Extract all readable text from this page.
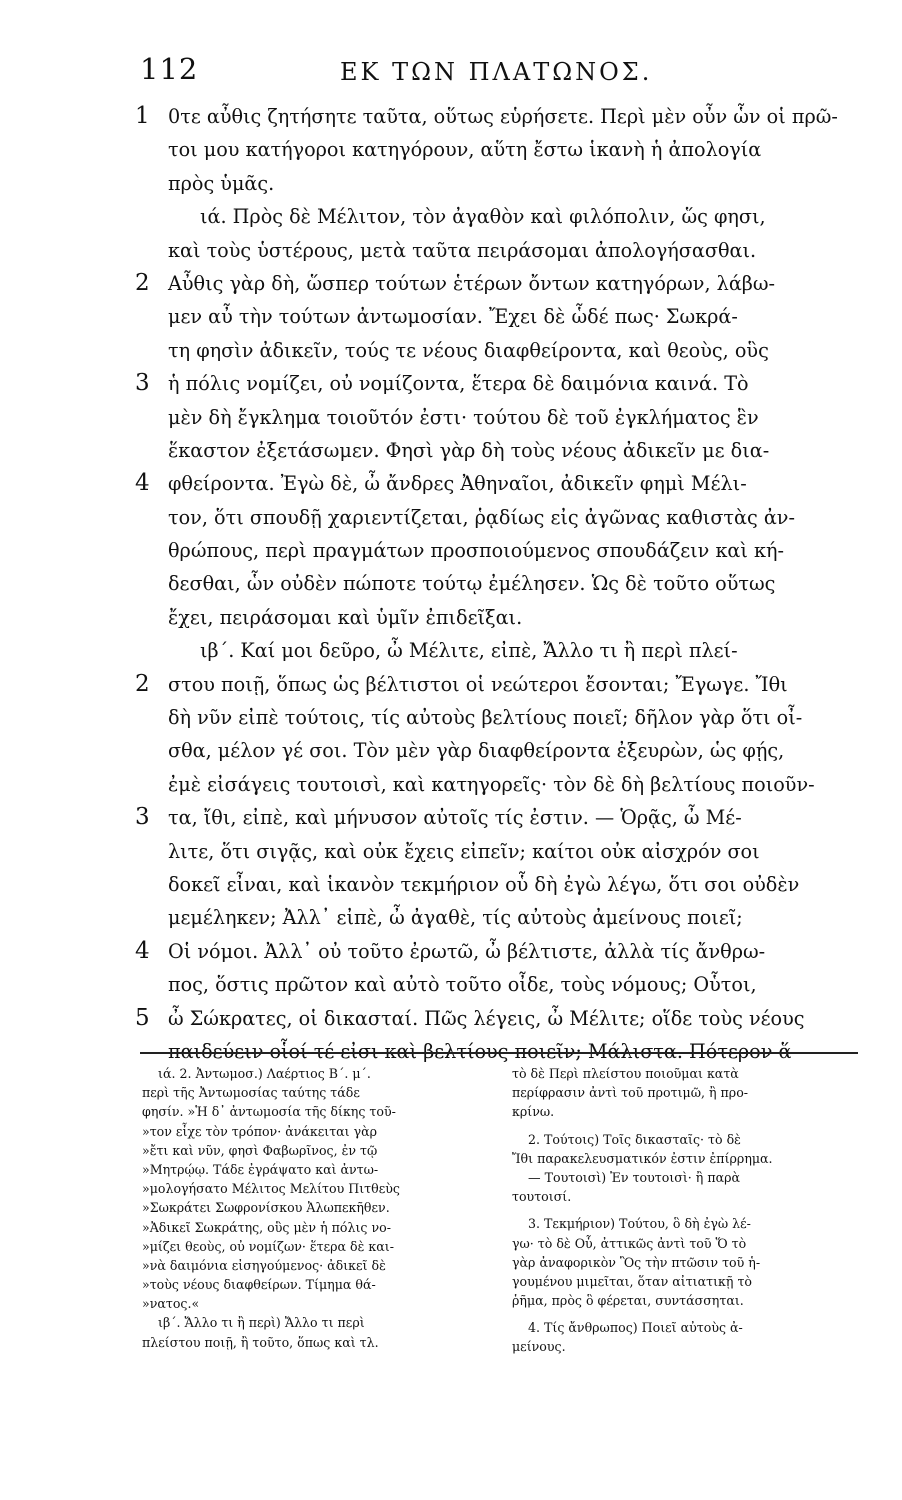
112	ΕΚ ΤΩΝ ΠΛΑΤΩΝΟΣ.
1 0τε αὖθις ζητήσητε ταῦτα, οὕτως εὑρήσετε. Περὶ μὲν οὖν ὧν οἱ πρῶ-
τοι μου κατήγοροι κατηγόρουν, αὕτη ἔστω ἱκανὴ ἡ ἀπολογία
πρὸς ὑμᾶς.
ιά. Πρὸς δὲ Μέλιτον, τὸν ἀγαθὸν καὶ φιλόπολιν, ὥς φησι,
καὶ τοὺς ὑστέρους, μετὰ ταῦτα πειράσομαι ἀπολογήσασθαι.
2 Αὖθις γὰρ δὴ, ὥσπερ τούτων ἑτέρων ὄντων κατηγόρων, λάβω-
μεν αὖ τὴν τούτων ἀντωμοσίαν. Ἔχει δὲ ὧδέ πως· Σωκρά-
τη φησὶν ἀδικεῖν, τούς τε νέους διαφθείροντα, καὶ θεοὺς, οὓς
3 ἡ πόλις νομίζει, οὐ νομίζοντα, ἕτερα δὲ δαιμόνια καινά. Τὸ
μὲν δὴ ἔγκλημα τοιοῦτόν ἐστι· τούτου δὲ τοῦ ἐγκλήματος ἓν
ἕκαστον ἐξετάσωμεν. Φησὶ γὰρ δὴ τοὺς νέους ἀδικεῖν με δια-
4 φθείροντα. Ἐγὼ δὲ, ὦ ἄνδρες Ἀθηναῖοι, ἀδικεῖν φημὶ Μέλι-
τον, ὅτι σπουδῇ χαριεντίζεται, ῥᾳδίως εἰς ἀγῶνας καθιστὰς ἀν-
θρώπους, περὶ πραγμάτων προσποιούμενος σπουδάζειν καὶ κή-
δεσθαι, ὧν οὐδὲν πώποτε τούτῳ ἐμέλησεν. Ὡς δὲ τοῦτο οὕτως
ἔχει, πειράσομαι καὶ ὑμῖν ἐπιδεῖξαι.
ιβ΄. Καί μοι δεῦρο, ὦ Μέλιτε, εἰπὲ, Ἄλλο τι ἢ περὶ πλεί-
2 στου ποιῇ, ὅπως ὡς βέλτιστοι οἱ νεώτεροι ἔσονται; Ἔγωγε. Ἴθι
δὴ νῦν εἰπὲ τούτοις, τίς αὐτοὺς βελτίους ποιεῖ; δῆλον γὰρ ὅτι οἶ-
σθα, μέλον γέ σοι. Τὸν μὲν γὰρ διαφθείροντα ἐξευρὼν, ὡς φῄς,
ἐμὲ εἰσάγεις τουτοισὶ, καὶ κατηγορεῖς· τὸν δὲ δὴ βελτίους ποιοῦν-
3 τα, ἴθι, εἰπὲ, καὶ μήνυσον αὐτοῖς τίς ἐστιν. — Ὁρᾷς, ὦ Μέ-
λιτε, ὅτι σιγᾷς, καὶ οὐκ ἔχεις εἰπεῖν; καίτοι οὐκ αἰσχρόν σοι
δοκεῖ εἶναι, καὶ ἱκανὸν τεκμήριον οὗ δὴ ἐγὼ λέγω, ὅτι σοι οὐδὲν
μεμέληκεν; Ἀλλ᾽ εἰπὲ, ὦ ἀγαθὲ, τίς αὐτοὺς ἀμείνους ποιεῖ;
4 Οἱ νόμοι. Ἀλλ᾽ οὐ τοῦτο ἐρωτῶ, ὦ βέλτιστε, ἀλλὰ τίς ἄνθρω-
πος, ὅστις πρῶτον καὶ αὐτὸ τοῦτο οἶδε, τοὺς νόμους; Οὗτοι,
5 ὦ Σώκρατες, οἱ δικασταί. Πῶς λέγεις, ὦ Μέλιτε; οἵδε τοὺς νέους
παιδεύειν οἷοί τέ εἰσι καὶ βελτίους ποιεῖν; Μάλιστα. Πότερον ἅ-
ιά. 2. Ἀντωμοσ.) Λαέρτιος Β΄. μ΄.
περὶ τῆς Ἀντωμοσίας ταύτης τάδε
φησίν. »Ἡ δ᾽ ἀντωμοσία τῆς δίκης τοῦ-
»τον εἶχε τὸν τρόπον· ἀνάκειται γὰρ
»ἔτι καὶ νῦν, φησὶ Φαβωρῖνος, ἐν τῷ
»Μητρῴῳ. Τάδε ἐγράψατο καὶ ἀντω-
»μολογήσατο Μέλιτος Μελίτου Πιτθεὺς
»Σωκράτει Σωφρονίσκου Ἀλωπεκῆθεν.
»Ἀδικεῖ Σωκράτης, οὓς μὲν ἡ πόλις νο-
»μίζει θεοὺς, οὐ νομίζων· ἕτερα δὲ και-
»νὰ δαιμόνια εἰσηγούμενος· ἀδικεῖ δὲ
»τοὺς νέους διαφθείρων. Τίμημα θά-
»νατος.«
ιβ΄. Ἄλλο τι ἢ περὶ) Ἄλλο τι περὶ
πλείστου ποιῇ, ἢ τοῦτο, ὅπως καὶ τλ.
τὸ δὲ Περὶ πλείστου ποιοῦμαι κατὰ
περίφρασιν ἀντὶ τοῦ προτιμῶ, ἢ προ-
κρίνω.
2. Τούτοις) Τοῖς δικασταῖς· τὸ δὲ
Ἴθι παρακελευσματικόν ἐστιν ἐπίρρημα.
— Τουτοισὶ) Ἐν τουτοισὶ· ἢ παρὰ
τουτοισί.
3. Τεκμήριον) Τούτου, ὃ δὴ ἐγὼ λέ-
γω· τὸ δὲ Οὗ, ἀττικῶς ἀντὶ τοῦ Ὅ τὸ
γὰρ ἀναφορικὸν Ὃς τὴν πτῶσιν τοῦ ἡ-
γουμένου μιμεῖται, ὅταν αἰτιατικῇ τὸ
ῥῆμα, πρὸς ὃ φέρεται, συντάσσηται.
4. Τίς ἄνθρωπος) Ποιεῖ αὐτοὺς ἀ-
μείνους.
